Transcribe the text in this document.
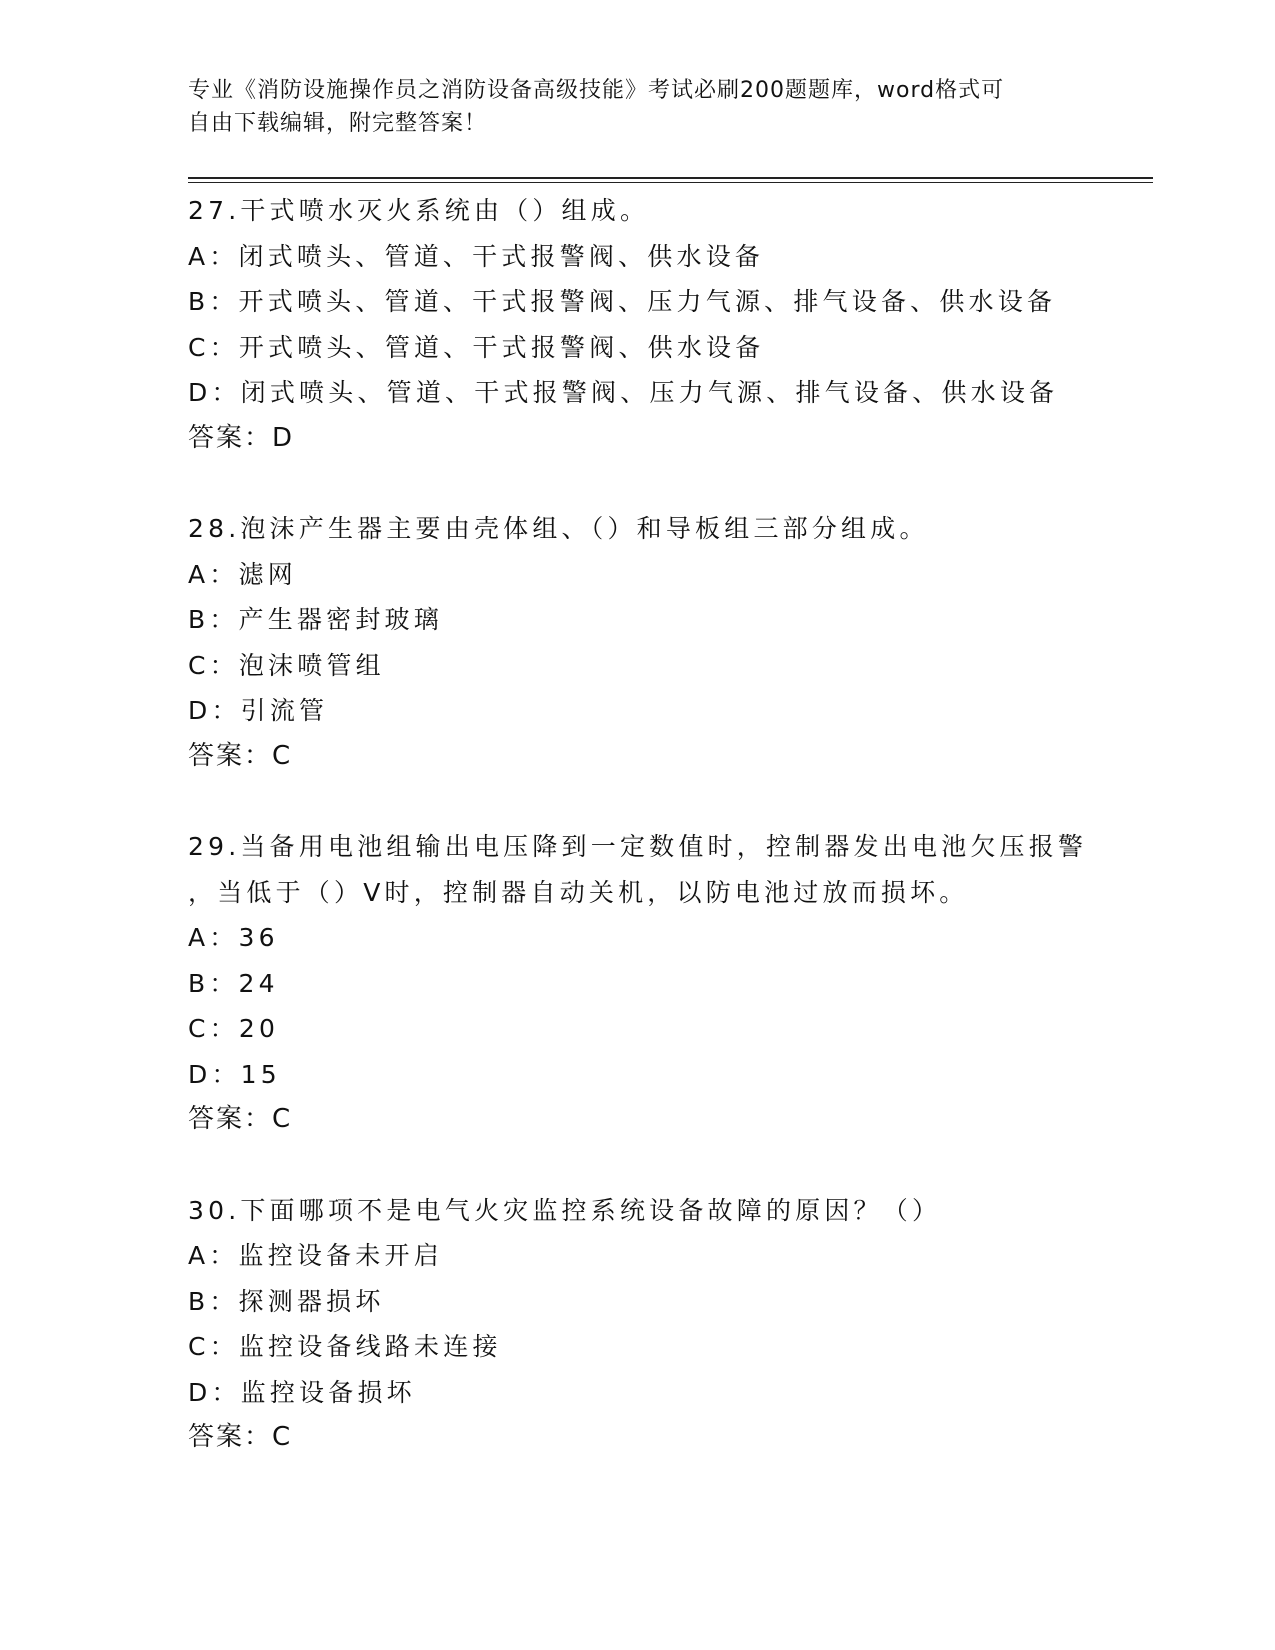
专业《消防设施操作员之消防设备高级技能》考试必刷200题题库，word格式可
自由下载编辑，附完整答案！
27.干式喷水灭火系统由（）组成。
A：闭式喷头、管道、干式报警阀、供水设备
B：开式喷头、管道、干式报警阀、压力气源、排气设备、供水设备
C：开式喷头、管道、干式报警阀、供水设备
D：闭式喷头、管道、干式报警阀、压力气源、排气设备、供水设备
答案：D
28.泡沫产生器主要由壳体组、（）和导板组三部分组成。
A：滤网
B：产生器密封玻璃
C：泡沫喷管组
D：引流管
答案：C
29.当备用电池组输出电压降到一定数值时，控制器发出电池欠压报警
，当低于（）V时，控制器自动关机，以防电池过放而损坏。
A：36
B：24
C：20
D：15
答案：C
30.下面哪项不是电气火灾监控系统设备故障的原因？（）
A：监控设备未开启
B：探测器损坏
C：监控设备线路未连接
D：监控设备损坏
答案：C
